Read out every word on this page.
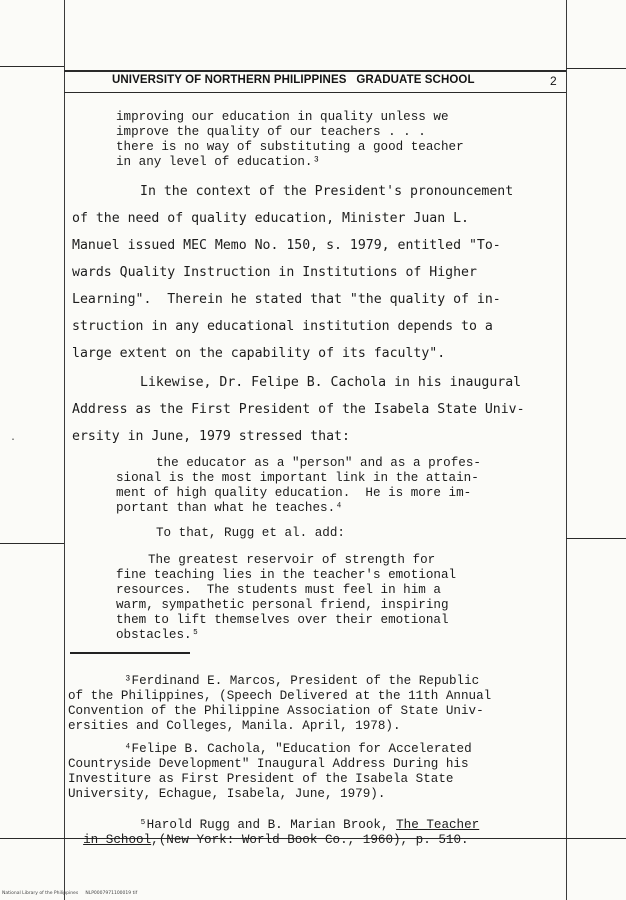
.
UNIVERSITY OF NORTHERN PHILIPPINES   GRADUATE SCHOOL	2
improving our education in quality unless we
improve the quality of our teachers . . .
there is no way of substituting a good teacher
in any level of education.³
In the context of the President's pronouncement
of the need of quality education, Minister Juan L.
Manuel issued MEC Memo No. 150, s. 1979, entitled "To-
wards Quality Instruction in Institutions of Higher
Learning".  Therein he stated that "the quality of in-
struction in any educational institution depends to a
large extent on the capability of its faculty".
Likewise, Dr. Felipe B. Cachola in his inaugural
Address as the First President of the Isabela State Univ-
ersity in June, 1979 stressed that:
the educator as a "person" and as a profes-
sional is the most important link in the attain-
ment of high quality education.  He is more im-
portant than what he teaches.⁴
To that, Rugg et al. add:
The greatest reservoir of strength for
fine teaching lies in the teacher's emotional
resources.  The students must feel in him a
warm, sympathetic personal friend, inspiring
them to lift themselves over their emotional
obstacles.⁵
³Ferdinand E. Marcos, President of the Republic
of the Philippines, (Speech Delivered at the 11th Annual
Convention of the Philippine Association of State Univ-
ersities and Colleges, Manila. April, 1978).
⁴Felipe B. Cachola, "Education for Accelerated
Countryside Development" Inaugural Address During his
Investiture as First President of the Isabela State
University, Echague, Isabela, June, 1979).

⁵Harold Rugg and B. Marian Brook, The Teacher

in School,(New York: World Book Co., 1960), p. 510.

National Library of the Philippines     NLP0007971100019 tif
